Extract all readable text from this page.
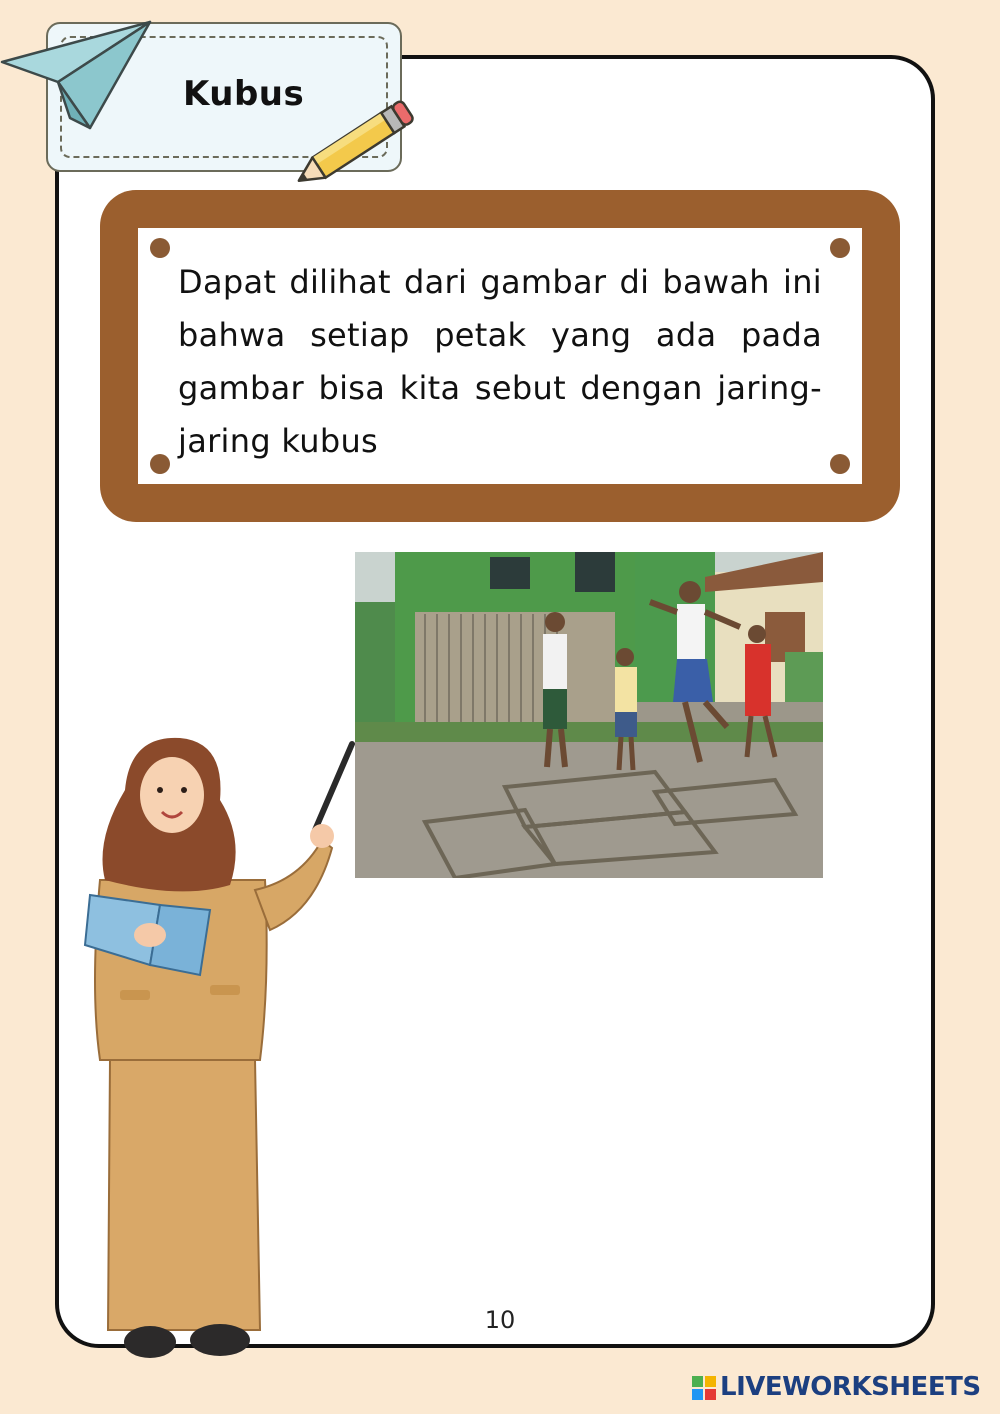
Kubus
Dapat dilihat dari gambar di bawah ini bahwa setiap petak yang ada pada gambar bisa kita sebut dengan jaring-jaring kubus
10
LIVEWORKSHEETS
